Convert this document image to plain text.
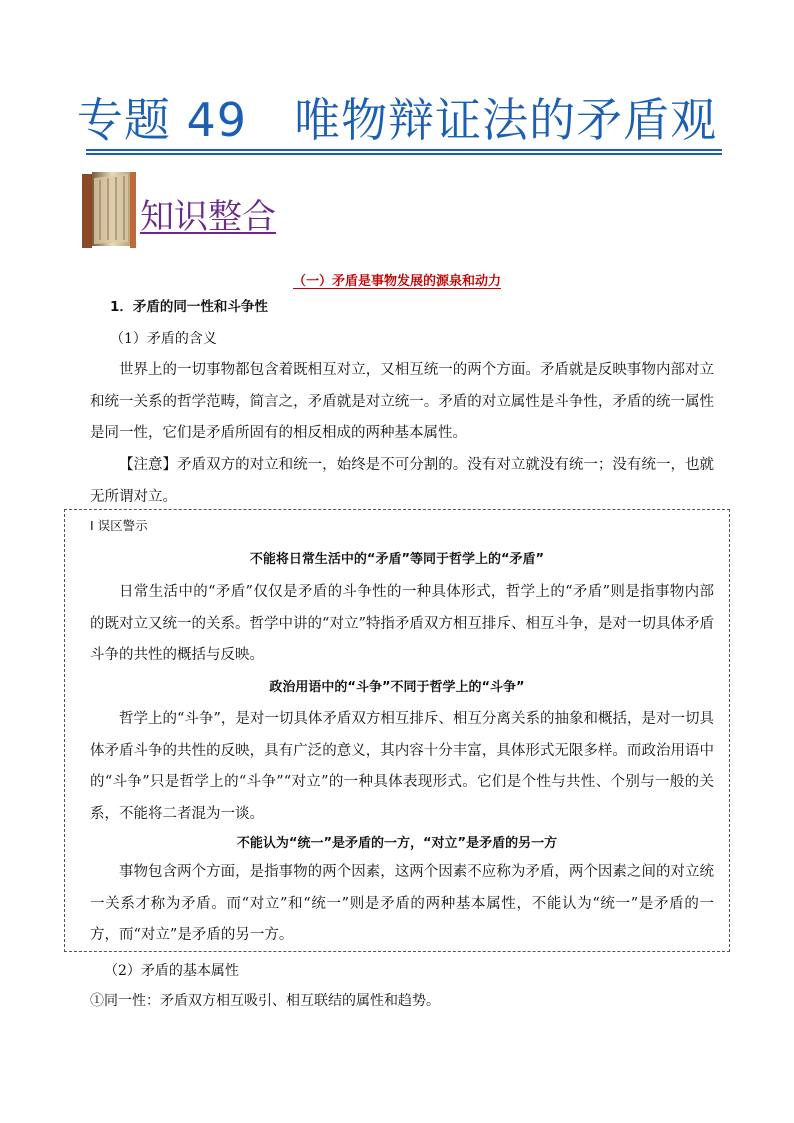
专题 49　唯物辩证法的矛盾观
知识整合
（一）矛盾是事物发展的源泉和动力
1．矛盾的同一性和斗争性
（1）矛盾的含义
世界上的一切事物都包含着既相互对立，又相互统一的两个方面。矛盾就是反映事物内部对立和统一关系的哲学范畴，简言之，矛盾就是对立统一。矛盾的对立属性是斗争性，矛盾的统一属性是同一性，它们是矛盾所固有的相反相成的两种基本属性。
【注意】矛盾双方的对立和统一，始终是不可分割的。没有对立就没有统一；没有统一，也就无所谓对立。
Ⅰ 误区警示
不能将日常生活中的“矛盾”等同于哲学上的“矛盾”
日常生活中的“矛盾”仅仅是矛盾的斗争性的一种具体形式，哲学上的“矛盾”则是指事物内部的既对立又统一的关系。哲学中讲的“对立”特指矛盾双方相互排斥、相互斗争，是对一切具体矛盾斗争的共性的概括与反映。
政治用语中的“斗争”不同于哲学上的“斗争”
哲学上的“斗争”，是对一切具体矛盾双方相互排斥、相互分离关系的抽象和概括，是对一切具体矛盾斗争的共性的反映，具有广泛的意义，其内容十分丰富，具体形式无限多样。而政治用语中的“斗争”只是哲学上的“斗争”“对立”的一种具体表现形式。它们是个性与共性、个别与一般的关系，不能将二者混为一谈。
不能认为“统一”是矛盾的一方，“对立”是矛盾的另一方
事物包含两个方面，是指事物的两个因素，这两个因素不应称为矛盾，两个因素之间的对立统一关系才称为矛盾。而“对立”和“统一”则是矛盾的两种基本属性，不能认为“统一”是矛盾的一方，而“对立”是矛盾的另一方。
（2）矛盾的基本属性
①同一性：矛盾双方相互吸引、相互联结的属性和趋势。
